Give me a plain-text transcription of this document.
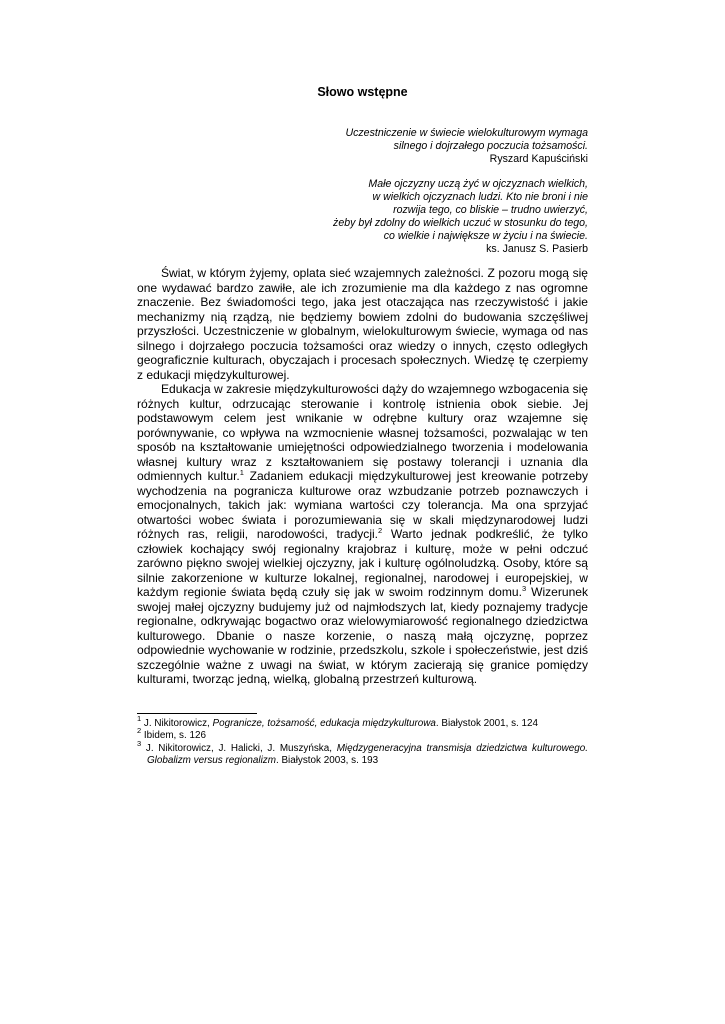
Słowo wstępne
Uczestniczenie w świecie wielokulturowym wymaga
silnego i dojrzałego poczucia tożsamości.
Ryszard Kapuściński
Małe ojczyzny uczą żyć w ojczyznach wielkich,
w wielkich ojczyznach ludzi. Kto nie broni i nie
rozwija tego, co bliskie – trudno uwierzyć,
żeby był zdolny do wielkich uczuć w stosunku do tego,
co wielkie i największe w życiu i na świecie.
ks. Janusz S. Pasierb

Świat, w którym żyjemy, oplata sieć wzajemnych zależności. Z pozoru mogą się one wydawać bardzo zawiłe, ale ich zrozumienie ma dla każdego z nas ogromne znaczenie. Bez świadomości tego, jaka jest otaczająca nas rzeczywistość i jakie mechanizmy nią rządzą, nie będziemy bowiem zdolni do budowania szczęśliwej przyszłości. Uczestniczenie w globalnym, wielokulturowym świecie, wymaga od nas silnego i dojrzałego poczucia tożsamości oraz wiedzy o innych, często odległych geograficznie kulturach, obyczajach i procesach społecznych. Wiedzę tę czerpiemy z edukacji międzykulturowej.

Edukacja w zakresie międzykulturowości dąży do wzajemnego wzbogacenia się różnych kultur, odrzucając sterowanie i kontrolę istnienia obok siebie. Jej podstawowym celem jest wnikanie w odrębne kultury oraz wzajemne się porównywanie, co wpływa na wzmocnienie własnej tożsamości, pozwalając w ten sposób na kształtowanie umiejętności odpowiedzialnego tworzenia i modelowania własnej kultury wraz z kształtowaniem się postawy tolerancji i uznania dla odmiennych kultur.$^1$ Zadaniem edukacji międzykulturowej jest kreowanie potrzeby wychodzenia na pogranicza kulturowe oraz wzbudzanie potrzeb poznawczych i emocjonalnych, takich jak: wymiana wartości czy tolerancja. Ma ona sprzyjać otwartości wobec świata i porozumiewania się w skali międzynarodowej ludzi różnych ras, religii, narodowości, tradycji.$^2$ Warto jednak podkreślić, że tylko człowiek kochający swój regionalny krajobraz i kulturę, może w pełni odczuć zarówno piękno swojej wielkiej ojczyzny, jak i kulturę ogólnoludzką. Osoby, które są silnie zakorzenione w kulturze lokalnej, regionalnej, narodowej i europejskiej, w każdym regionie świata będą czuły się jak w swoim rodzinnym domu.$^3$ Wizerunek swojej małej ojczyzny budujemy już od najmłodszych lat, kiedy poznajemy tradycje regionalne, odkrywając bogactwo oraz wielowymiarowość regionalnego dziedzictwa kulturowego. Dbanie o nasze korzenie, o naszą małą ojczyznę, poprzez odpowiednie wychowanie w rodzinie, przedszkolu, szkole i społeczeństwie, jest dziś szczególnie ważne z uwagi na świat, w którym zacierają się granice pomiędzy kulturami, tworząc jedną, wielką, globalną przestrzeń kulturową.

$^1$ J. Nikitorowicz, Pogranicze, tożsamość, edukacja międzykulturowa. Białystok 2001, s. 124
$^2$ Ibidem, s. 126
$^3$ J. Nikitorowicz, J. Halicki, J. Muszyńska, Międzygeneracyjna transmisja dziedzictwa kulturowego. Globalizm versus regionalizm. Białystok 2003, s. 193
